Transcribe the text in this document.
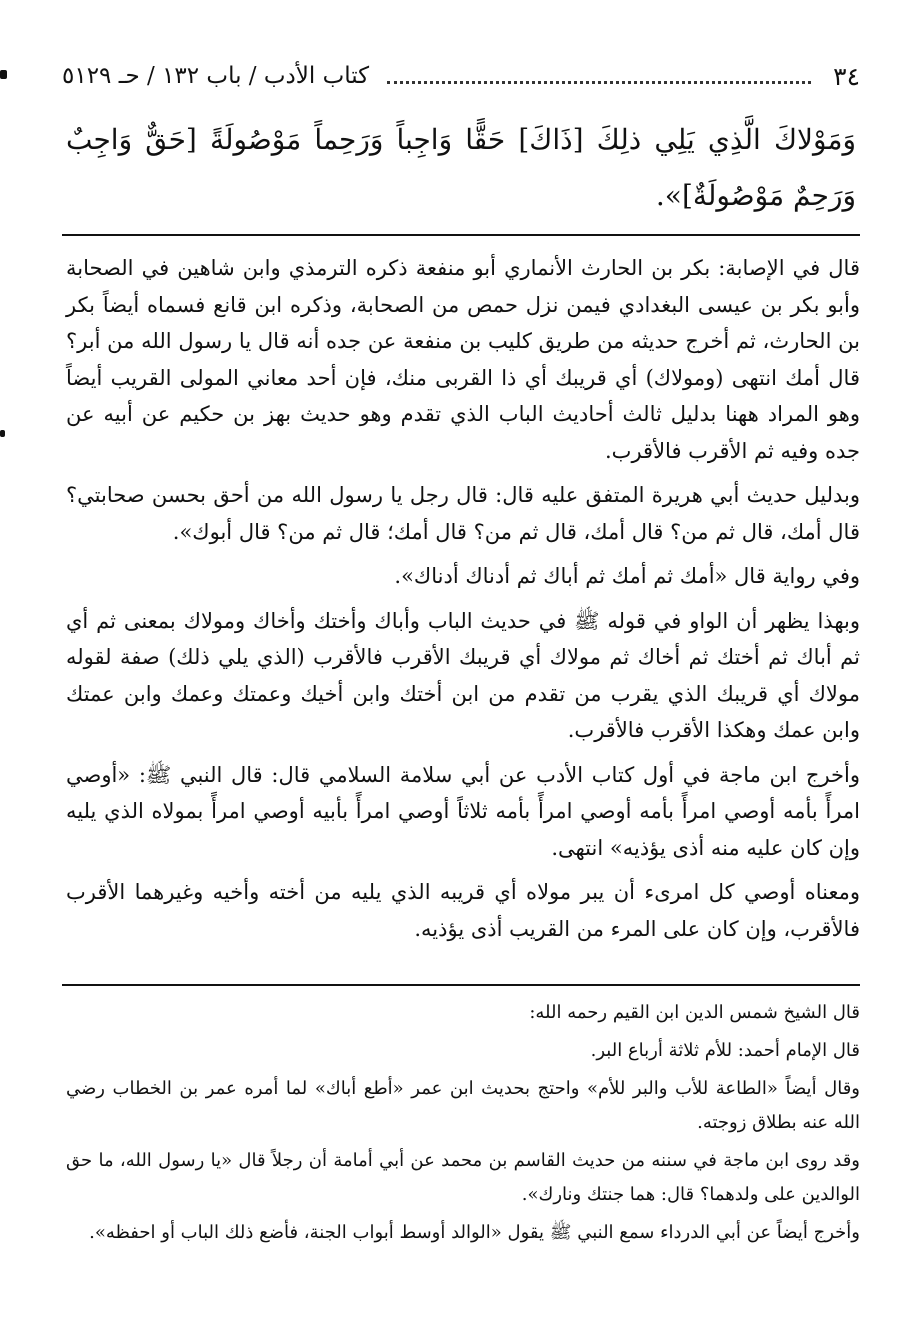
٣٤
كتاب الأدب / باب ١٣٢ / حـ ٥١٢٩
وَمَوْلاكَ الَّذِي يَلِي ذلِكَ [ذَاكَ] حَقًّا وَاجِباً وَرَحِماً مَوْصُولَةً [حَقٌّ وَاجِبٌ وَرَحِمٌ مَوْصُولَةٌ]».

قال في الإصابة: بكر بن الحارث الأنماري أبو منفعة ذكره الترمذي وابن شاهين في الصحابة وأبو بكر بن عيسى البغدادي فيمن نزل حمص من الصحابة، وذكره ابن قانع فسماه أيضاً بكر بن الحارث، ثم أخرج حديثه من طريق كليب بن منفعة عن جده أنه قال يا رسول الله من أبر؟ قال أمك انتهى (ومولاك) أي قريبك أي ذا القربى منك، فإن أحد معاني المولى القريب أيضاً وهو المراد ههنا بدليل ثالث أحاديث الباب الذي تقدم وهو حديث بهز بن حكيم عن أبيه عن جده وفيه ثم الأقرب فالأقرب.

وبدليل حديث أبي هريرة المتفق عليه قال: قال رجل يا رسول الله من أحق بحسن صحابتي؟ قال أمك، قال ثم من؟ قال أمك، قال ثم من؟ قال أمك؛ قال ثم من؟ قال أبوك».

وفي رواية قال «أمك ثم أمك ثم أباك ثم أدناك أدناك».

وبهذا يظهر أن الواو في قوله ﷺ في حديث الباب وأباك وأختك وأخاك ومولاك بمعنى ثم أي ثم أباك ثم أختك ثم أخاك ثم مولاك أي قريبك الأقرب فالأقرب (الذي يلي ذلك) صفة لقوله مولاك أي قريبك الذي يقرب من تقدم من ابن أختك وابن أخيك وعمتك وعمك وابن عمتك وابن عمك وهكذا الأقرب فالأقرب.

وأخرج ابن ماجة في أول كتاب الأدب عن أبي سلامة السلامي قال: قال النبي ﷺ: «أوصي امرأً بأمه أوصي امرأً بأمه أوصي امرأً بأمه ثلاثاً أوصي امرأً بأبيه أوصي امرأً بمولاه الذي يليه وإن كان عليه منه أذى يؤذيه» انتهى.

ومعناه أوصي كل امرىء أن يبر مولاه أي قريبه الذي يليه من أخته وأخيه وغيرهما الأقرب فالأقرب، وإن كان على المرء من القريب أذى يؤذيه.

قال الشيخ شمس الدين ابن القيم رحمه الله:

قال الإمام أحمد: للأم ثلاثة أرباع البر.

وقال أيضاً «الطاعة للأب والبر للأم» واحتج بحديث ابن عمر «أطع أباك» لما أمره عمر بن الخطاب رضي الله عنه بطلاق زوجته.

وقد روى ابن ماجة في سننه من حديث القاسم بن محمد عن أبي أمامة أن رجلاً قال «يا رسول الله، ما حق الوالدين على ولدهما؟ قال: هما جنتك ونارك».

وأخرج أيضاً عن أبي الدرداء سمع النبي ﷺ يقول «الوالد أوسط أبواب الجنة، فأضع ذلك الباب أو احفظه».
